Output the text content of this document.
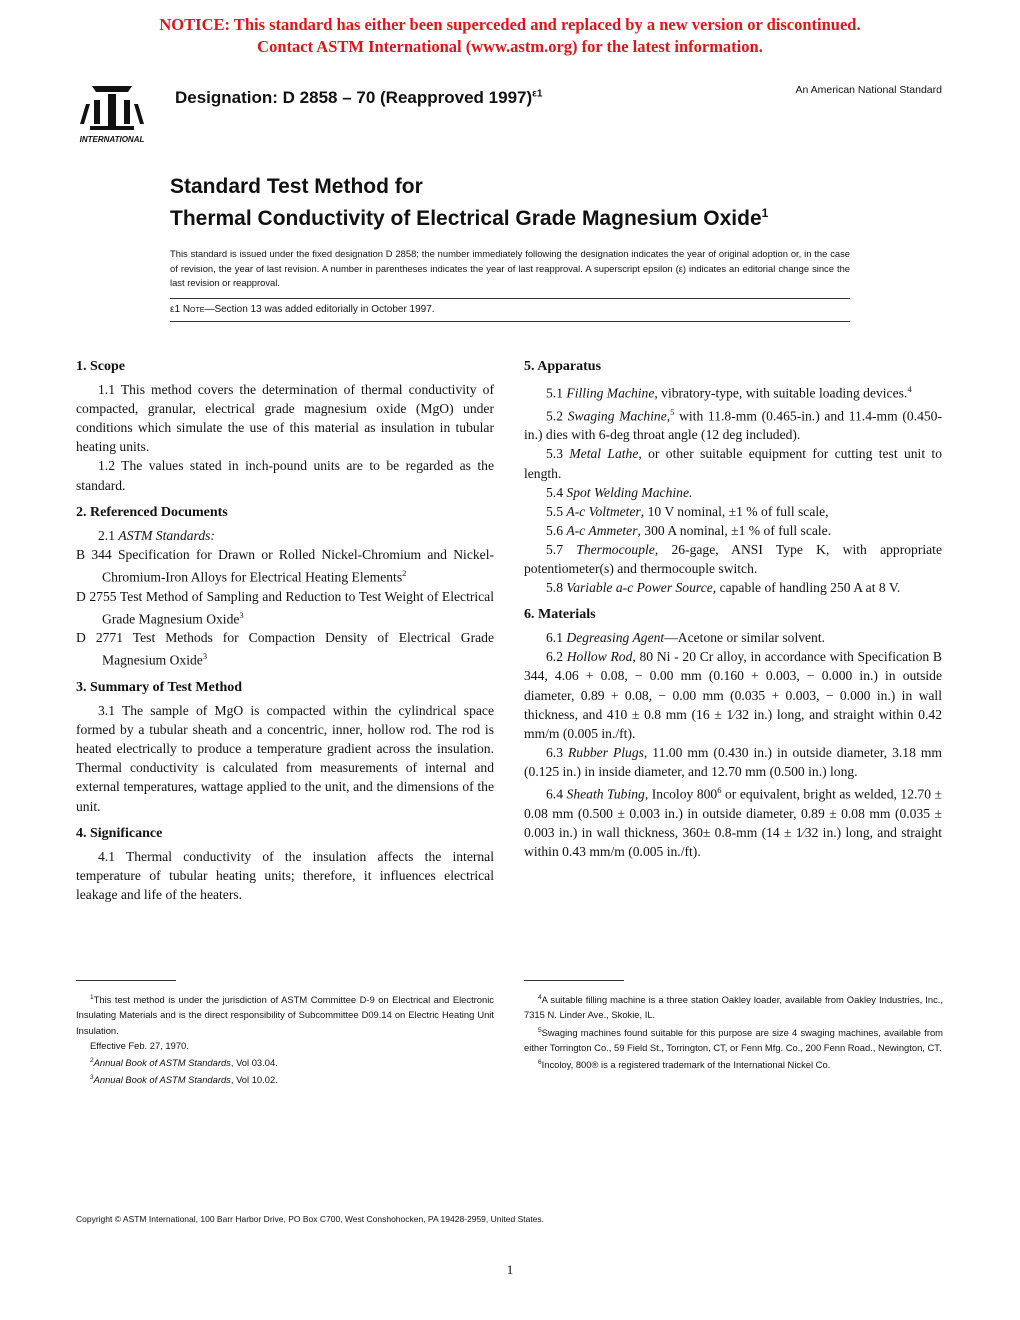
NOTICE: This standard has either been superceded and replaced by a new version or discontinued.
Contact ASTM International (www.astm.org) for the latest information.
INTERNATIONAL
Designation: D 2858 – 70 (Reapproved 1997)$^{\varepsilon 1}$	An American National Standard
Standard Test Method for
Thermal Conductivity of Electrical Grade Magnesium Oxide$^1$
This standard is issued under the fixed designation D 2858; the number immediately following the designation indicates the year of original adoption or, in the case of revision, the year of last revision. A number in parentheses indicates the year of last reapproval. A superscript epsilon (ε) indicates an editorial change since the last revision or reapproval.
ε1 Note—Section 13 was added editorially in October 1997.
1. Scope

1.1 This method covers the determination of thermal conductivity of compacted, granular, electrical grade magnesium oxide (MgO) under conditions which simulate the use of this material as insulation in tubular heating units.

1.2 The values stated in inch-pound units are to be regarded as the standard.

2. Referenced Documents

2.1 ASTM Standards:

B 344 Specification for Drawn or Rolled Nickel-Chromium and Nickel-Chromium-Iron Alloys for Electrical Heating Elements$^2$

D 2755 Test Method of Sampling and Reduction to Test Weight of Electrical Grade Magnesium Oxide$^3$

D 2771 Test Methods for Compaction Density of Electrical Grade Magnesium Oxide$^3$

3. Summary of Test Method

3.1 The sample of MgO is compacted within the cylindrical space formed by a tubular sheath and a concentric, inner, hollow rod. The rod is heated electrically to produce a temperature gradient across the insulation. Thermal conductivity is calculated from measurements of internal and external temperatures, wattage applied to the unit, and the dimensions of the unit.

4. Significance

4.1 Thermal conductivity of the insulation affects the internal temperature of tubular heating units; therefore, it influences electrical leakage and life of the heaters.

5. Apparatus

5.1 Filling Machine, vibratory-type, with suitable loading devices.$^4$

5.2 Swaging Machine,$^5$ with 11.8-mm (0.465-in.) and 11.4-mm (0.450-in.) dies with 6-deg throat angle (12 deg included).

5.3 Metal Lathe, or other suitable equipment for cutting test unit to length.

5.4 Spot Welding Machine.

5.5 A-c Voltmeter, 10 V nominal, ±1 % of full scale,

5.6 A-c Ammeter, 300 A nominal, ±1 % of full scale.

5.7 Thermocouple, 26-gage, ANSI Type K, with appropriate potentiometer(s) and thermocouple switch.

5.8 Variable a-c Power Source, capable of handling 250 A at 8 V.

6. Materials

6.1 Degreasing Agent—Acetone or similar solvent.

6.2 Hollow Rod, 80 Ni - 20 Cr alloy, in accordance with Specification B 344, 4.06 + 0.08, − 0.00 mm (0.160 + 0.003, − 0.000 in.) in outside diameter, 0.89 + 0.08, − 0.00 mm (0.035 + 0.003, − 0.000 in.) in wall thickness, and 410 ± 0.8 mm (16 ± 1⁄32 in.) long, and straight within 0.42 mm/m (0.005 in./ft).

6.3 Rubber Plugs, 11.00 mm (0.430 in.) in outside diameter, 3.18 mm (0.125 in.) in inside diameter, and 12.70 mm (0.500 in.) long.

6.4 Sheath Tubing, Incoloy $800^6$ or equivalent, bright as welded, 12.70 ± 0.08 mm (0.500 ± 0.003 in.) in outside diameter, 0.89 ± 0.08 mm (0.035 ± 0.003 in.) in wall thickness, 360± 0.8-mm (14 ± 1⁄32 in.) long, and straight within 0.43 mm/m (0.005 in./ft).

$^1$This test method is under the jurisdiction of ASTM Committee D-9 on Electrical and Electronic Insulating Materials and is the direct responsibility of Subcommittee D09.14 on Electric Heating Unit Insulation.

Effective Feb. 27, 1970.

$^2$Annual Book of ASTM Standards, Vol 03.04.

$^3$Annual Book of ASTM Standards, Vol 10.02.

$^4$A suitable filling machine is a three station Oakley loader, available from Oakley Industries, Inc., 7315 N. Linder Ave., Skokie, IL.

$^5$Swaging machines found suitable for this purpose are size 4 swaging machines, available from either Torrington Co., 59 Field St., Torrington, CT, or Fenn Mfg. Co., 200 Fenn Road., Newington, CT.

$^6$Incoloy, 800® is a registered trademark of the International Nickel Co.

Copyright © ASTM International, 100 Barr Harbor Drive, PO Box C700, West Conshohocken, PA 19428-2959, United States.
1
